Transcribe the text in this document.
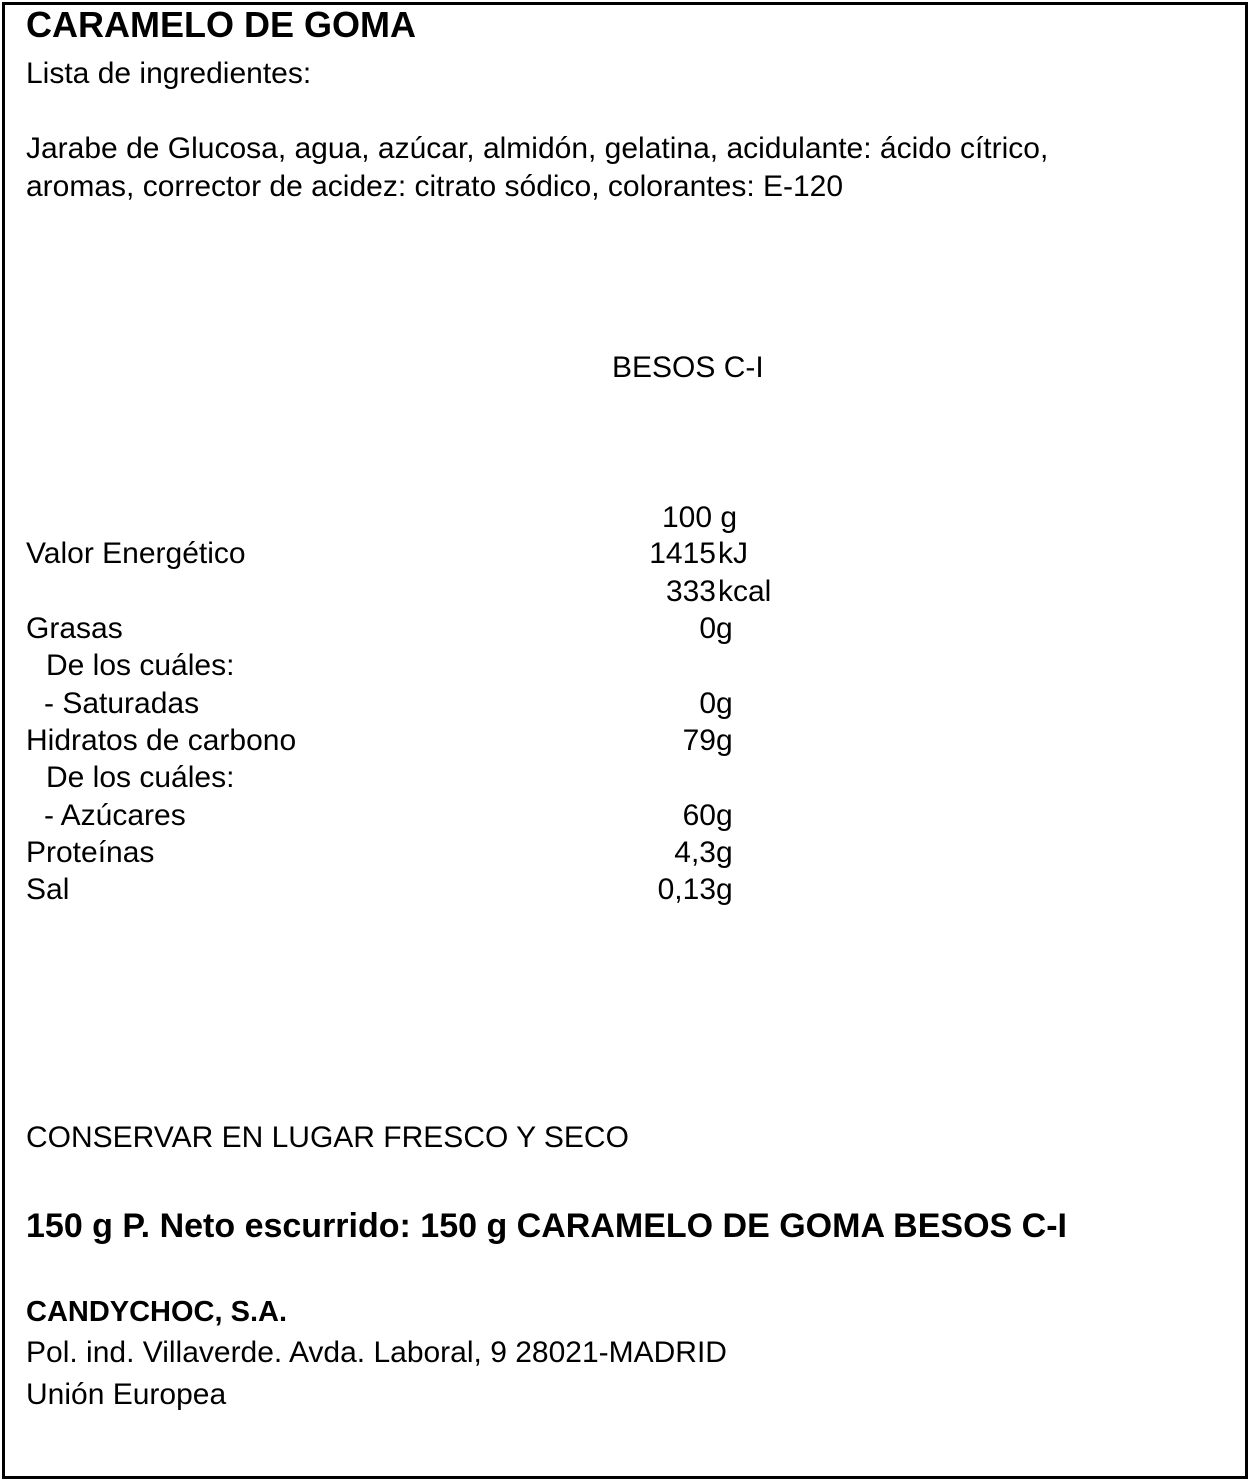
CARAMELO DE GOMA
Lista de ingredientes:
Jarabe de Glucosa, agua, azúcar, almidón, gelatina, acidulante: ácido cítrico,
aromas, corrector de acidez: citrato sódico, colorantes: E-120
BESOS C-I
100 g
Valor Energético	1415 kJ
333 kcal
Grasas	0 g
De los cuáles:
- Saturadas	0 g
Hidratos de carbono	79 g
De los cuáles:
- Azúcares	60 g
Proteínas	4,3 g
Sal	0,13 g
CONSERVAR EN LUGAR FRESCO Y SECO
150 g P. Neto escurrido: 150 g CARAMELO DE GOMA BESOS C-I
CANDYCHOC, S.A.
Pol. ind. Villaverde. Avda. Laboral, 9 28021-MADRID
Unión Europea
